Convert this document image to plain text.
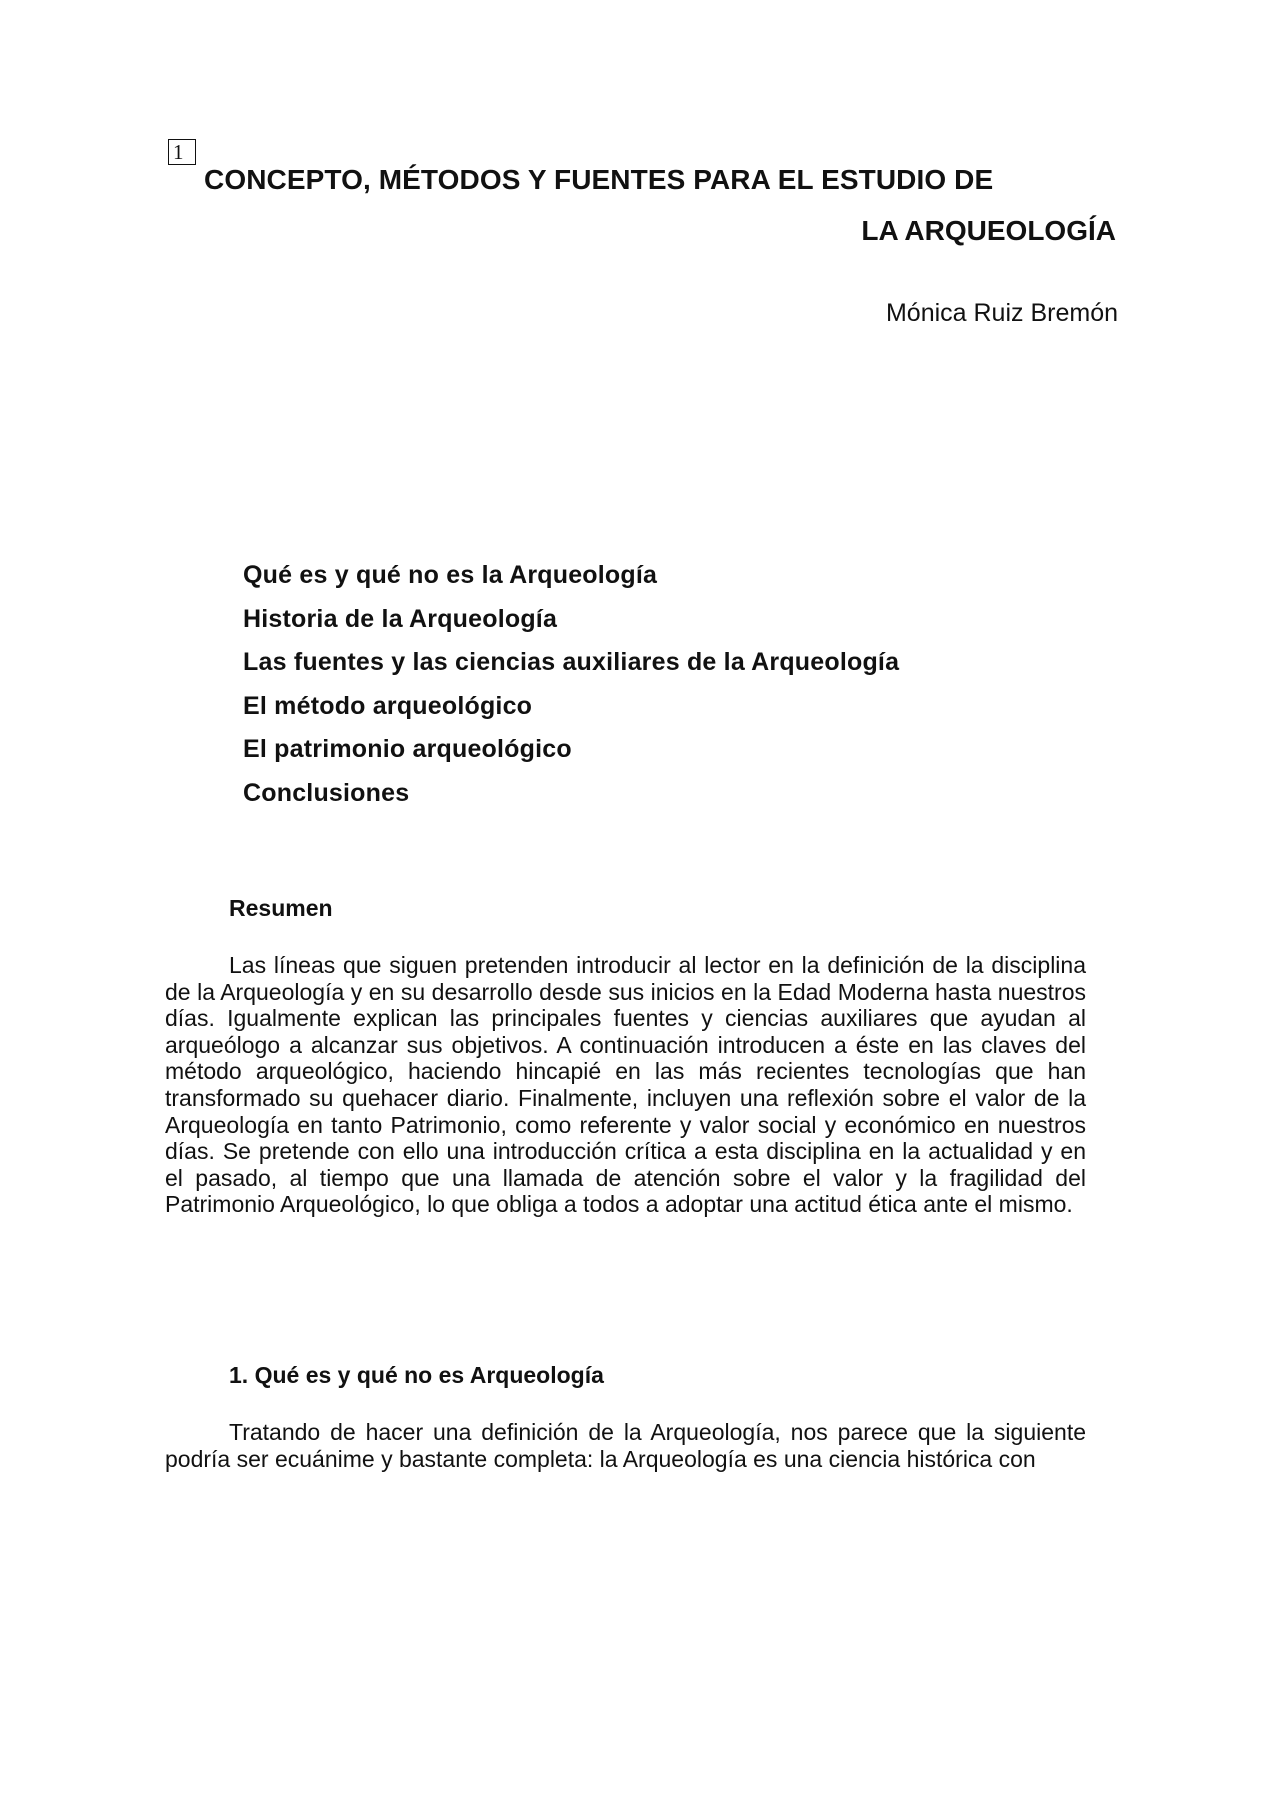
1
CONCEPTO, MÉTODOS Y FUENTES PARA EL ESTUDIO DE
LA ARQUEOLOGÍA
Mónica Ruiz Bremón
Qué es y qué no es la Arqueología
Historia de la Arqueología
Las fuentes y las ciencias auxiliares de la Arqueología
El método arqueológico
El patrimonio arqueológico
Conclusiones
Resumen

Las líneas que siguen pretenden introducir al lector en la definición de la disciplina de la Arqueología y en su desarrollo desde sus inicios en la Edad Moderna hasta nuestros días. Igualmente explican las principales fuentes y ciencias auxiliares que ayudan al arqueólogo a alcanzar sus objetivos. A continuación introducen a éste en las claves del método arqueológico, haciendo hincapié en las más recientes tecnologías que han transformado su quehacer diario. Finalmente, incluyen una reflexión sobre el valor de la Arqueología en tanto Patrimonio, como referente y valor social y económico en nuestros días. Se pretende con ello una introducción crítica a esta disciplina en la actualidad y en el pasado, al tiempo que una llamada de atención sobre el valor y la fragilidad del Patrimonio Arqueológico, lo que obliga a todos a adoptar una actitud ética ante el mismo.

1. Qué es y qué no es Arqueología

Tratando de hacer una definición de la Arqueología, nos parece que la siguiente podría ser ecuánime y bastante completa: la Arqueología es una ciencia histórica con
